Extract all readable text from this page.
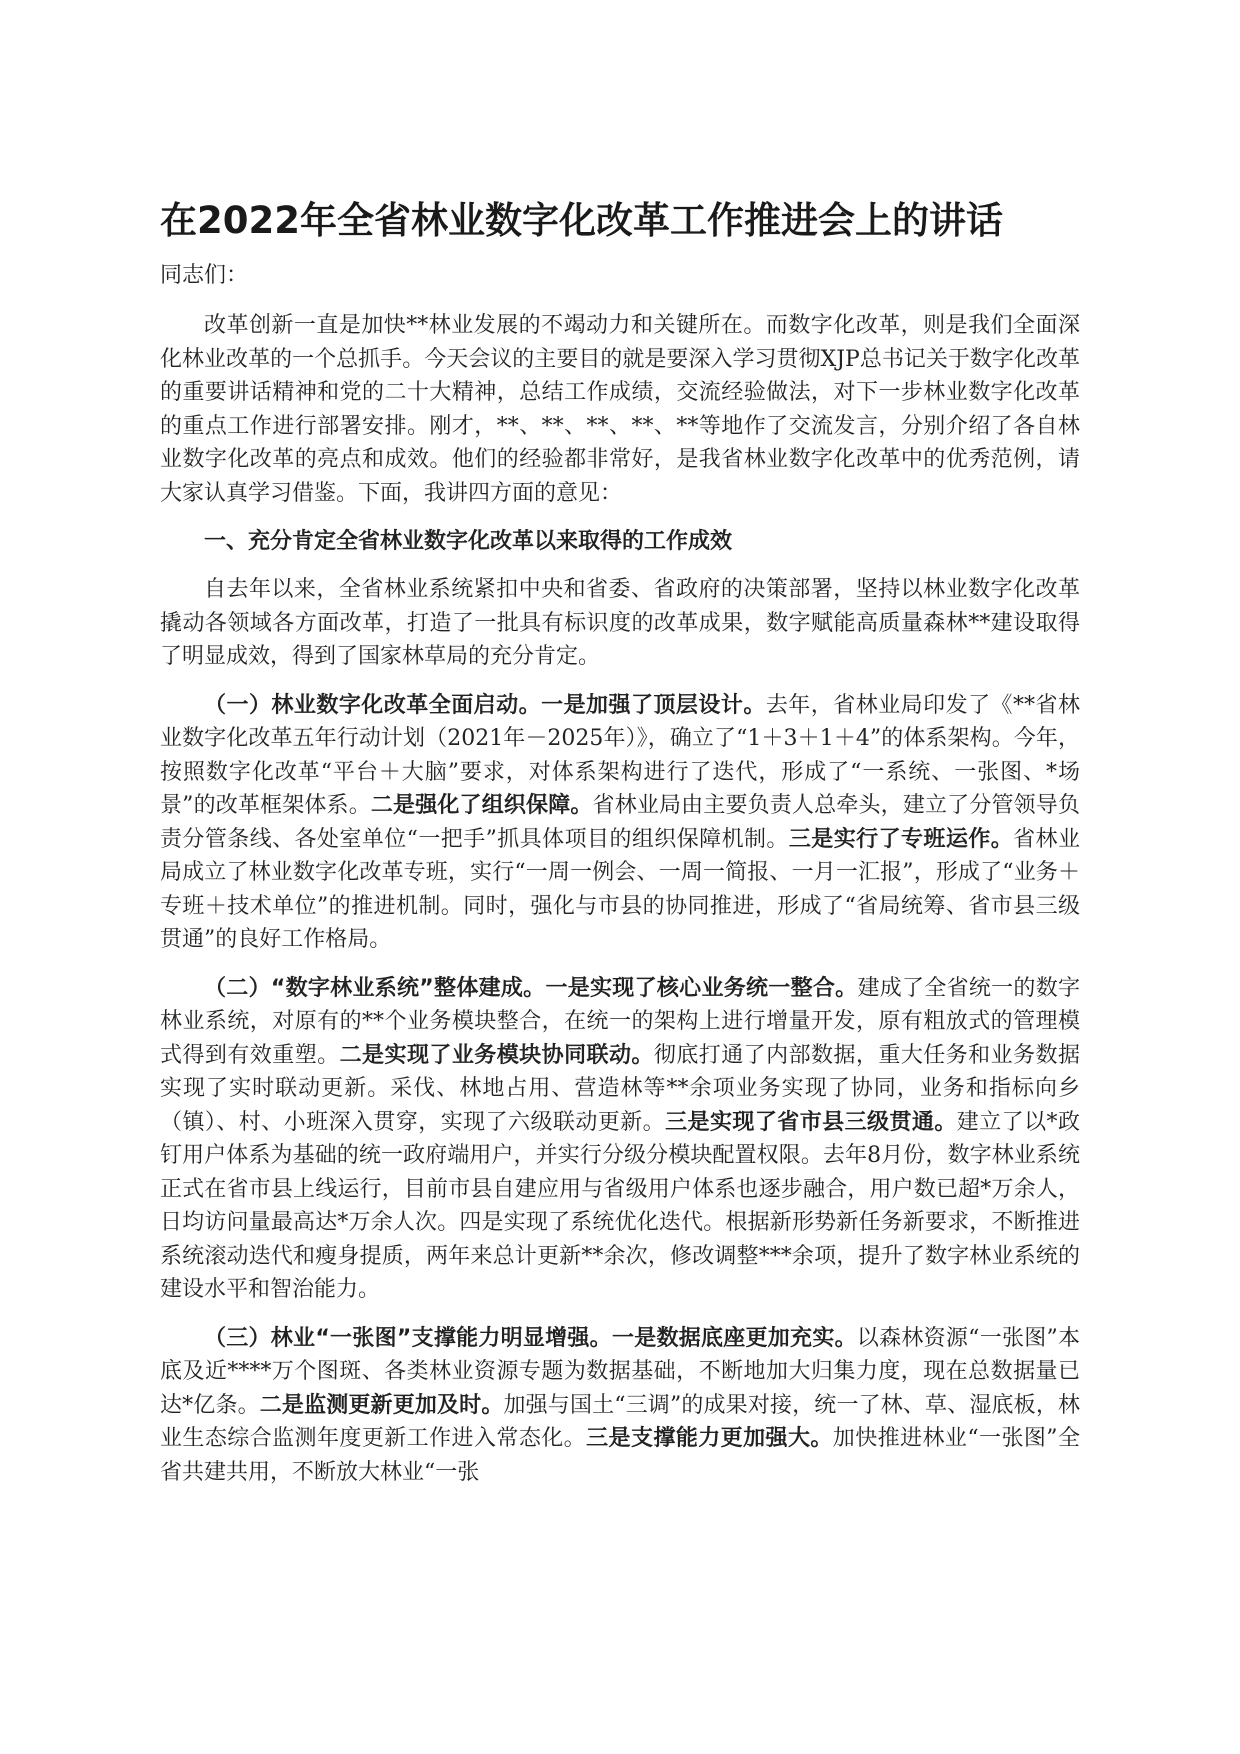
在2022年全省林业数字化改革工作推进会上的讲话

同志们：

改革创新一直是加快**林业发展的不竭动力和关键所在。而数字化改革，则是我们全面深化林业改革的一个总抓手。今天会议的主要目的就是要深入学习贯彻XJP总书记关于数字化改革的重要讲话精神和党的二十大精神，总结工作成绩，交流经验做法，对下一步林业数字化改革的重点工作进行部署安排。刚才，**、**、**、**、**等地作了交流发言，分别介绍了各自林业数字化改革的亮点和成效。他们的经验都非常好，是我省林业数字化改革中的优秀范例，请大家认真学习借鉴。下面，我讲四方面的意见：

一、充分肯定全省林业数字化改革以来取得的工作成效

自去年以来，全省林业系统紧扣中央和省委、省政府的决策部署，坚持以林业数字化改革撬动各领域各方面改革，打造了一批具有标识度的改革成果，数字赋能高质量森林**建设取得了明显成效，得到了国家林草局的充分肯定。

（一）林业数字化改革全面启动。一是加强了顶层设计。去年，省林业局印发了《**省林业数字化改革五年行动计划（2021年－2025年）》，确立了“1＋3＋1＋4”的体系架构。今年，按照数字化改革“平台＋大脑”要求，对体系架构进行了迭代，形成了“一系统、一张图、*场景”的改革框架体系。二是强化了组织保障。省林业局由主要负责人总牵头，建立了分管领导负责分管条线、各处室单位“一把手”抓具体项目的组织保障机制。三是实行了专班运作。省林业局成立了林业数字化改革专班，实行“一周一例会、一周一简报、一月一汇报”，形成了“业务＋专班＋技术单位”的推进机制。同时，强化与市县的协同推进，形成了“省局统筹、省市县三级贯通”的良好工作格局。

（二）“数字林业系统”整体建成。一是实现了核心业务统一整合。建成了全省统一的数字林业系统，对原有的**个业务模块整合，在统一的架构上进行增量开发，原有粗放式的管理模式得到有效重塑。二是实现了业务模块协同联动。彻底打通了内部数据，重大任务和业务数据实现了实时联动更新。采伐、林地占用、营造林等**余项业务实现了协同，业务和指标向乡（镇）、村、小班深入贯穿，实现了六级联动更新。三是实现了省市县三级贯通。建立了以*政钉用户体系为基础的统一政府端用户，并实行分级分模块配置权限。去年8月份，数字林业系统正式在省市县上线运行，目前市县自建应用与省级用户体系也逐步融合，用户数已超*万余人，日均访问量最高达*万余人次。四是实现了系统优化迭代。根据新形势新任务新要求，不断推进系统滚动迭代和瘦身提质，两年来总计更新**余次，修改调整***余项，提升了数字林业系统的建设水平和智治能力。

（三）林业“一张图”支撑能力明显增强。一是数据底座更加充实。以森林资源“一张图”本底及近****万个图斑、各类林业资源专题为数据基础，不断地加大归集力度，现在总数据量已达*亿条。二是监测更新更加及时。加强与国土“三调”的成果对接，统一了林、草、湿底板，林业生态综合监测年度更新工作进入常态化。三是支撑能力更加强大。加快推进林业“一张图”全省共建共用，不断放大林业“一张
